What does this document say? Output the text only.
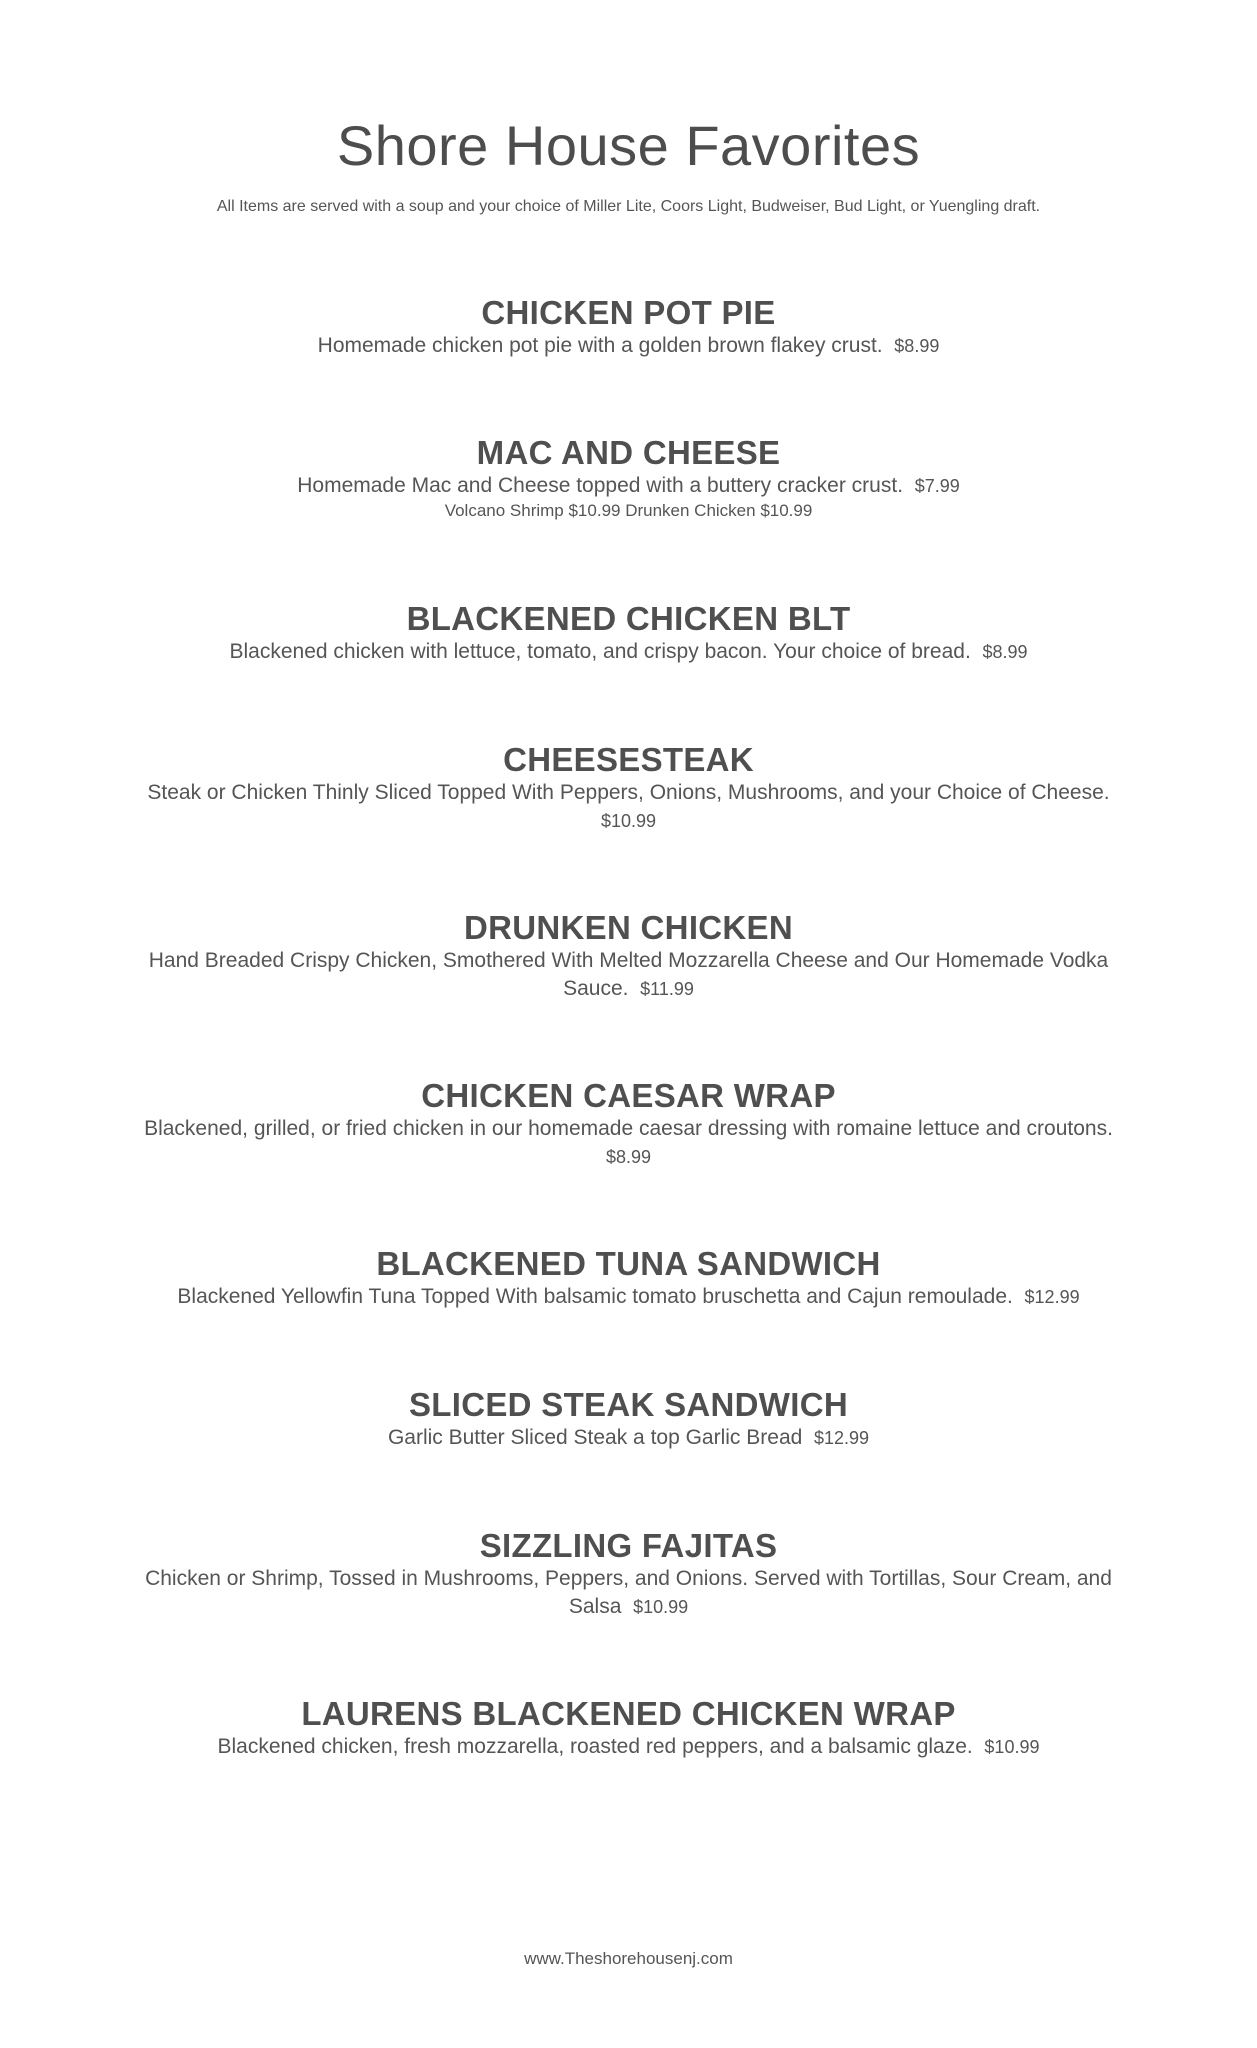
Shore House Favorites
All Items are served with a soup and your choice of Miller Lite, Coors Light, Budweiser, Bud Light, or Yuengling draft.

CHICKEN POT PIE

Homemade chicken pot pie with a golden brown flakey crust. $8.99

MAC AND CHEESE

Homemade Mac and Cheese topped with a buttery cracker crust. $7.99

Volcano Shrimp $10.99 Drunken Chicken $10.99

BLACKENED CHICKEN BLT

Blackened chicken with lettuce, tomato, and crispy bacon. Your choice of bread. $8.99

CHEESESTEAK

Steak or Chicken Thinly Sliced Topped With Peppers, Onions, Mushrooms, and your Choice of Cheese.
$10.99

DRUNKEN CHICKEN

Hand Breaded Crispy Chicken, Smothered With Melted Mozzarella Cheese and Our Homemade Vodka Sauce. $11.99

CHICKEN CAESAR WRAP

Blackened, grilled, or fried chicken in our homemade caesar dressing with romaine lettuce and croutons.
$8.99

BLACKENED TUNA SANDWICH

Blackened Yellowfin Tuna Topped With balsamic tomato bruschetta and Cajun remoulade. $12.99

SLICED STEAK SANDWICH

Garlic Butter Sliced Steak a top Garlic Bread $12.99

SIZZLING FAJITAS

Chicken or Shrimp, Tossed in Mushrooms, Peppers, and Onions. Served with Tortillas, Sour Cream, and Salsa $10.99

LAURENS BLACKENED CHICKEN WRAP

Blackened chicken, fresh mozzarella, roasted red peppers, and a balsamic glaze. $10.99

www.Theshorehousenj.com
